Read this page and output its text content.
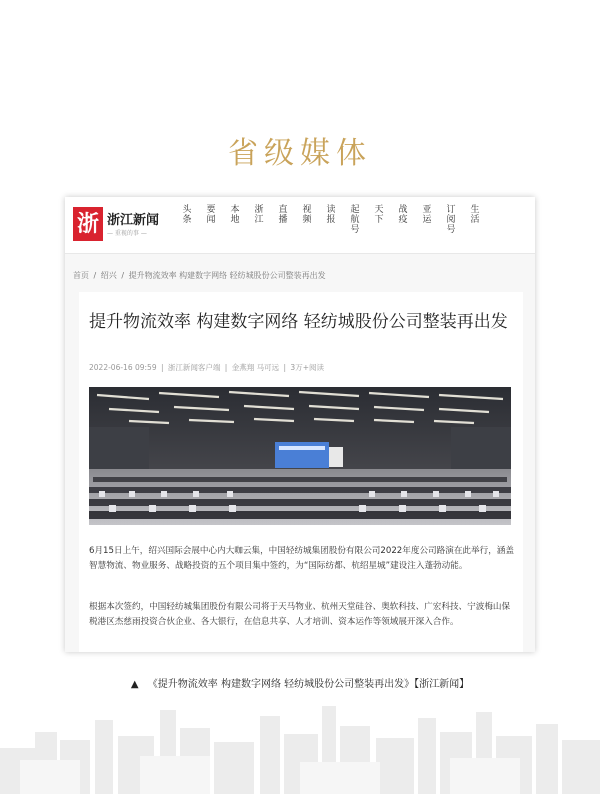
省级媒体
浙 浙江新闻
— 重视的事 —
头
条
要
闻
本
地
浙
江
直
播
视
频
读
报
起
航
号
天
下
战
疫
亚
运
订
阅
号
生
活
首页 / 绍兴 / 提升物流效率 构建数字网络 轻纺城股份公司整装再出发
提升物流效率 构建数字网络 轻纺城股份公司整装再出发
2022-06-16 09:59 | 浙江新闻客户端 | 金燕翔 马可远 | 3万+阅读

6月15日上午，绍兴国际会展中心内大咖云集，中国轻纺城集团股份有限公司2022年度公司路演在此举行，涵盖智慧物流、物业服务、战略投资的五个项目集中签约，为“国际纺都、杭绍星城”建设注入蓬勃动能。

根据本次签约，中国轻纺城集团股份有限公司将于天马物业、杭州天堂硅谷、奥软科技、广宏科技、宁波梅山保税港区杰慈雨投资合伙企业、各大银行，在信息共享、人才培训、资本运作等领域展开深入合作。

▲ 《提升物流效率 构建数字网络 轻纺城股份公司整装再出发》【浙江新闻】
